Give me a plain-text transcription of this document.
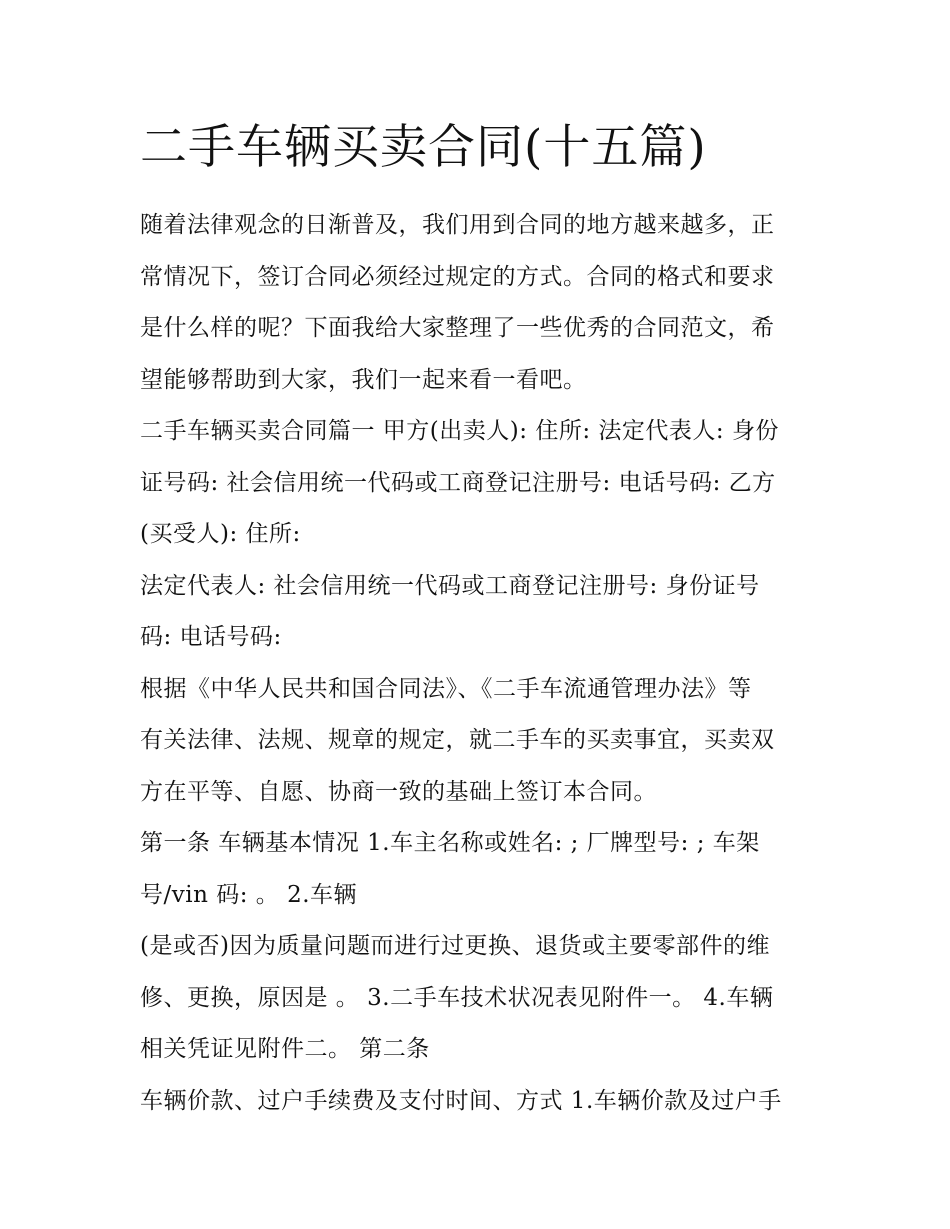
二手车辆买卖合同(十五篇)

随着法律观念的日渐普及，我们用到合同的地方越来越多，正
常情况下，签订合同必须经过规定的方式。合同的格式和要求
是什么样的呢？下面我给大家整理了一些优秀的合同范文，希
望能够帮助到大家，我们一起来看一看吧。

二手车辆买卖合同篇一 甲方(出卖人): 住所: 法定代表人: 身份
证号码: 社会信用统一代码或工商登记注册号: 电话号码: 乙方
(买受人): 住所:

法定代表人: 社会信用统一代码或工商登记注册号: 身份证号
码: 电话号码:

根据《中华人民共和国合同法》、《二手车流通管理办法》等
有关法律、法规、规章的规定，就二手车的买卖事宜，买卖双
方在平等、自愿、协商一致的基础上签订本合同。

第一条 车辆基本情况 1.车主名称或姓名: ; 厂牌型号: ; 车架
号/vin 码: 。 2.车辆

(是或否)因为质量问题而进行过更换、退货或主要零部件的维
修、更换，原因是 。 3.二手车技术状况表见附件一。 4.车辆
相关凭证见附件二。 第二条

车辆价款、过户手续费及支付时间、方式 1.车辆价款及过户手
